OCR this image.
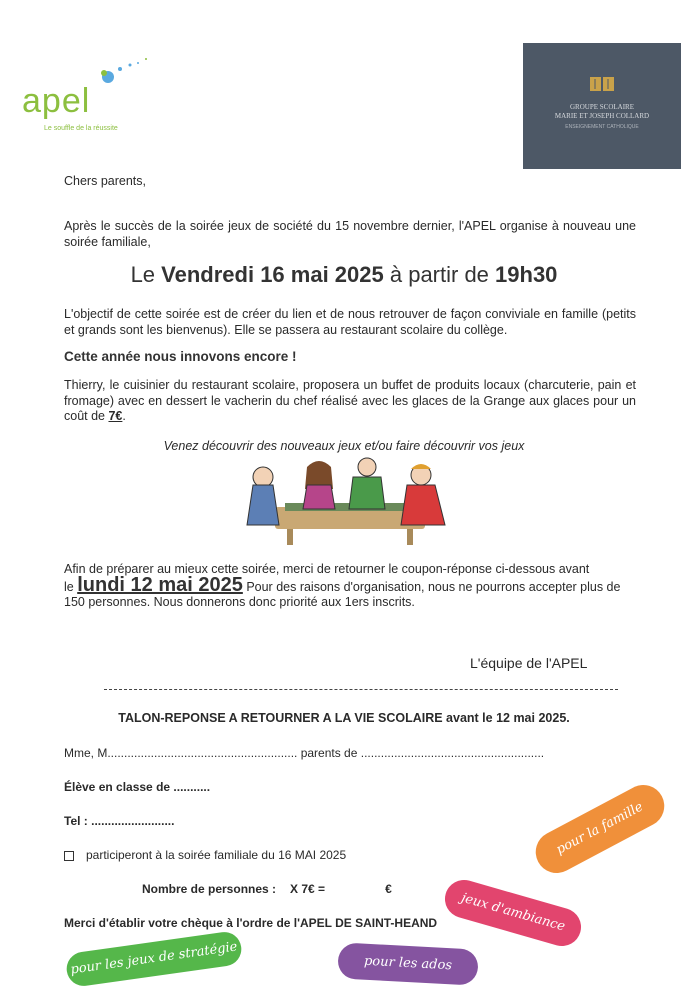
apel
Le souffle de la réussite
GROUPE SCOLAIRE
MARIE ET JOSEPH COLLARD
ENSEIGNEMENT CATHOLIQUE
Chers parents,
Après le succès de la soirée jeux de société du 15 novembre dernier, l'APEL organise à nouveau une soirée familiale,
Le Vendredi 16 mai 2025 à partir de 19h30
L'objectif de cette soirée est de créer du lien et de nous retrouver de façon conviviale en famille (petits et grands sont les bienvenus). Elle se passera au restaurant scolaire du collège.
Cette année nous innovons encore !
Thierry, le cuisinier du restaurant scolaire, proposera un buffet de produits locaux (charcuterie, pain et fromage) avec en dessert le vacherin du chef réalisé avec les glaces de la Grange aux glaces pour un coût de 7€.
Venez découvrir des nouveaux jeux et/ou faire découvrir vos jeux
Afin de préparer au mieux cette soirée, merci de retourner le coupon-réponse ci-dessous avant
le lundi 12 mai 2025 Pour des raisons d'organisation, nous ne pourrons accepter plus de 150 personnes. Nous donnerons donc priorité aux 1ers inscrits.
L'équipe de l'APEL
TALON-REPONSE A RETOURNER A LA VIE SCOLAIRE avant le 12 mai 2025.
Mme, M......................................................... parents de .......................................................
Élève en classe de ...........
Tel : .........................
participeront à la soirée familiale du 16 MAI 2025
Nombre de personnes : X 7€ =	€
Merci d'établir votre chèque à l'ordre de l'APEL DE SAINT-HEAND
pour la famille
jeux d'ambiance
pour les jeux de stratégie	pour les ados
